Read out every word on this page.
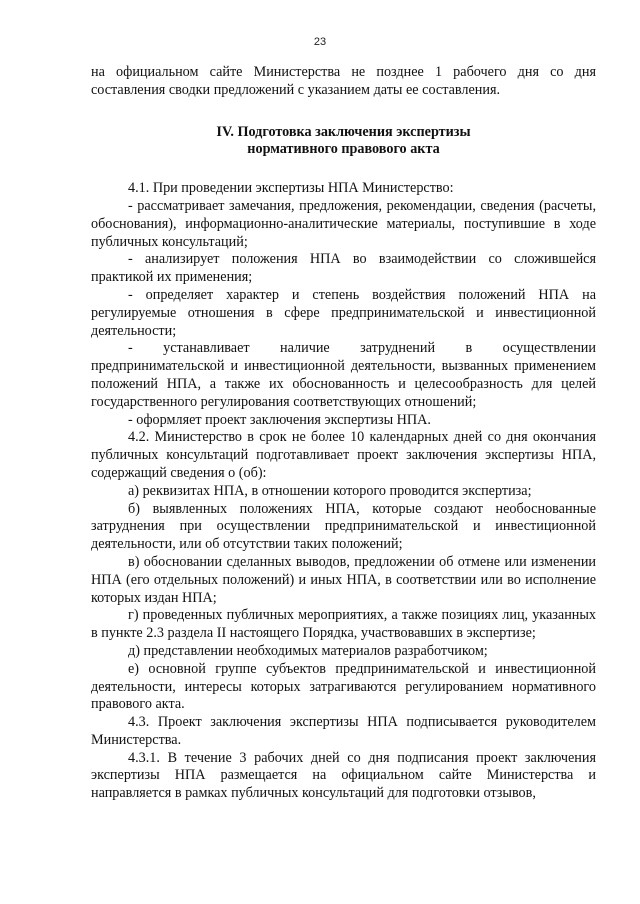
23

на официальном сайте Министерства не позднее 1 рабочего дня со дня составления сводки предложений с указанием даты ее составления.

IV. Подготовка заключения экспертизы
нормативного правового акта

4.1. При проведении экспертизы НПА Министерство:

- рассматривает замечания, предложения, рекомендации, сведения (расчеты, обоснования), информационно-аналитические материалы, поступившие в ходе публичных консультаций;

- анализирует положения НПА во взаимодействии со сложившейся практикой их применения;

- определяет характер и степень воздействия положений НПА на регулируемые отношения в сфере предпринимательской и инвестиционной деятельности;

- устанавливает наличие затруднений в осуществлении предпринимательской и инвестиционной деятельности, вызванных применением положений НПА, а также их обоснованность и целесообразность для целей государственного регулирования соответствующих отношений;

- оформляет проект заключения экспертизы НПА.

4.2. Министерство в срок не более 10 календарных дней со дня окончания публичных консультаций подготавливает проект заключения экспертизы НПА, содержащий сведения о (об):

а) реквизитах НПА, в отношении которого проводится экспертиза;

б) выявленных положениях НПА, которые создают необоснованные затруднения при осуществлении предпринимательской и инвестиционной деятельности, или об отсутствии таких положений;

в) обосновании сделанных выводов, предложении об отмене или изменении НПА (его отдельных положений) и иных НПА, в соответствии или во исполнение которых издан НПА;

г) проведенных публичных мероприятиях, а также позициях лиц, указанных в пункте 2.3 раздела II настоящего Порядка, участвовавших в экспертизе;

д) представлении необходимых материалов разработчиком;

е) основной группе субъектов предпринимательской и инвестиционной деятельности, интересы которых затрагиваются регулированием нормативного правового акта.

4.3. Проект заключения экспертизы НПА подписывается руководителем Министерства.

4.3.1. В течение 3 рабочих дней со дня подписания проект заключения экспертизы НПА размещается на официальном сайте Министерства и направляется в рамках публичных консультаций для подготовки отзывов,
